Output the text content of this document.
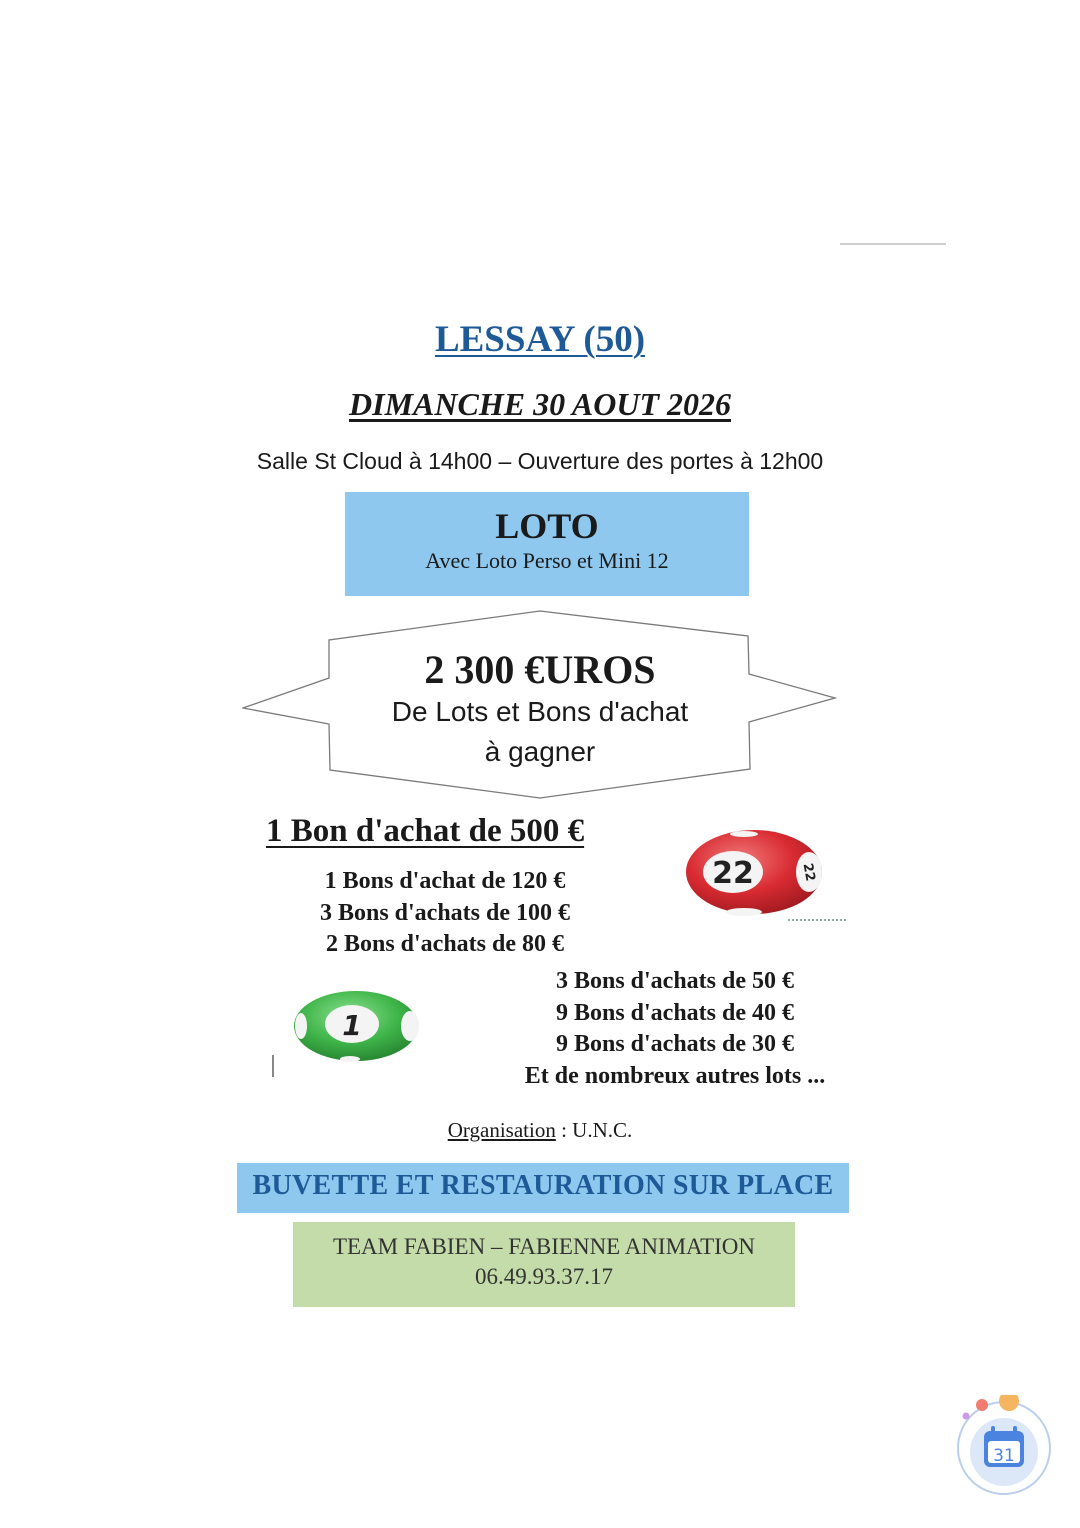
LESSAY (50)
DIMANCHE 30 AOUT 2026
Salle St Cloud à 14h00 – Ouverture des portes à 12h00
LOTO
Avec Loto Perso et Mini 12
2 300 €UROS
De Lots et Bons d'achat
à gagner
1 Bon d'achat de 500 €
1 Bons d'achat de 120 €
3 Bons d'achats de 100 €
2 Bons d'achats de 80 €
3 Bons d'achats de 50 €
9 Bons d'achats de 40 €
9 Bons d'achats de 30 €
Et de nombreux autres lots ...
22	22
1
Organisation : U.N.C.
BUVETTE ET RESTAURATION SUR PLACE
TEAM FABIEN – FABIENNE ANIMATION
06.49.93.37.17
31
